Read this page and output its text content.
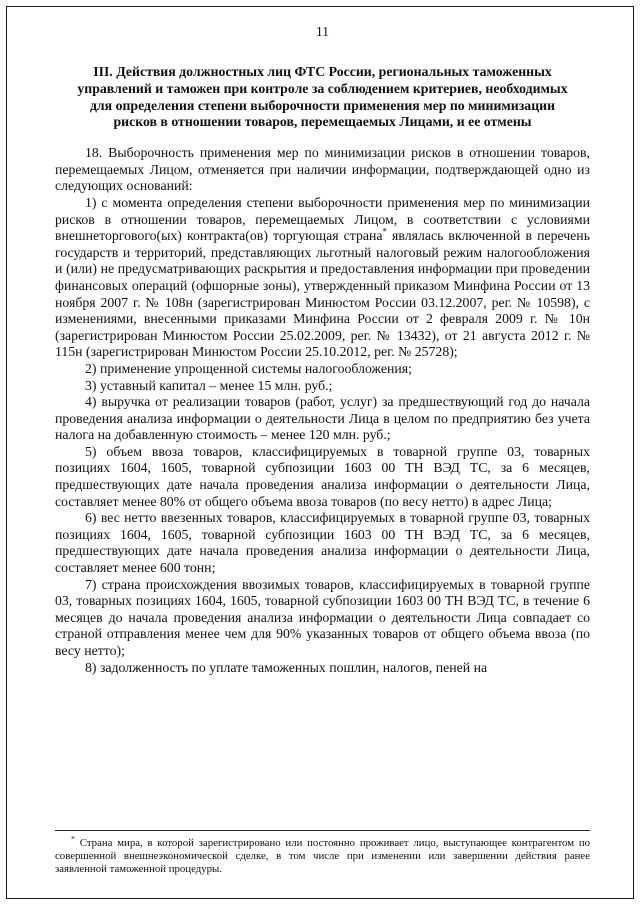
11
III. Действия должностных лиц ФТС России, региональных таможенных управлений и таможен при контроле за соблюдением критериев, необходимых для определения степени выборочности применения мер по минимизации рисков в отношении товаров, перемещаемых Лицами, и ее отмены

18. Выборочность применения мер по минимизации рисков в отношении товаров, перемещаемых Лицом, отменяется при наличии информации, подтверждающей одно из следующих оснований:

1) с момента определения степени выборочности применения мер по минимизации рисков в отношении товаров, перемещаемых Лицом, в соответствии с условиями внешнеторгового(ых) контракта(ов) торгующая страна* являлась включенной в перечень государств и территорий, представляющих льготный налоговый режим налогообложения и (или) не предусматривающих раскрытия и предоставления информации при проведении финансовых операций (офшорные зоны), утвержденный приказом Минфина России от 13 ноября 2007 г. № 108н (зарегистрирован Минюстом России 03.12.2007, рег. № 10598), с изменениями, внесенными приказами Минфина России от 2 февраля 2009 г. № 10н (зарегистрирован Минюстом России 25.02.2009, рег. № 13432), от 21 августа 2012 г. № 115н (зарегистрирован Минюстом России 25.10.2012, рег. № 25728);

2) применение упрощенной системы налогообложения;

3) уставный капитал – менее 15 млн. руб.;

4) выручка от реализации товаров (работ, услуг) за предшествующий год до начала проведения анализа информации о деятельности Лица в целом по предприятию без учета налога на добавленную стоимость – менее 120 млн. руб.;

5) объем ввоза товаров, классифицируемых в товарной группе 03, товарных позициях 1604, 1605, товарной субпозиции 1603 00 ТН ВЭД ТС, за 6 месяцев, предшествующих дате начала проведения анализа информации о деятельности Лица, составляет менее 80% от общего объема ввоза товаров (по весу нетто) в адрес Лица;

6) вес нетто ввезенных товаров, классифицируемых в товарной группе 03, товарных позициях 1604, 1605, товарной субпозиции 1603 00 ТН ВЭД ТС, за 6 месяцев, предшествующих дате начала проведения анализа информации о деятельности Лица, составляет менее 600 тонн;

7) страна происхождения ввозимых товаров, классифицируемых в товарной группе 03, товарных позициях 1604, 1605, товарной субпозиции 1603 00 ТН ВЭД ТС, в течение 6 месяцев до начала проведения анализа информации о деятельности Лица совпадает со страной отправления менее чем для 90% указанных товаров от общего объема ввоза (по весу нетто);

8) задолженность по уплате таможенных пошлин, налогов, пеней на

* Страна мира, в которой зарегистрировано или постоянно проживает лицо, выступающее контрагентом по совершенной внешнеэкономической сделке, в том числе при изменении или завершении действия ранее заявленной таможенной процедуры.
